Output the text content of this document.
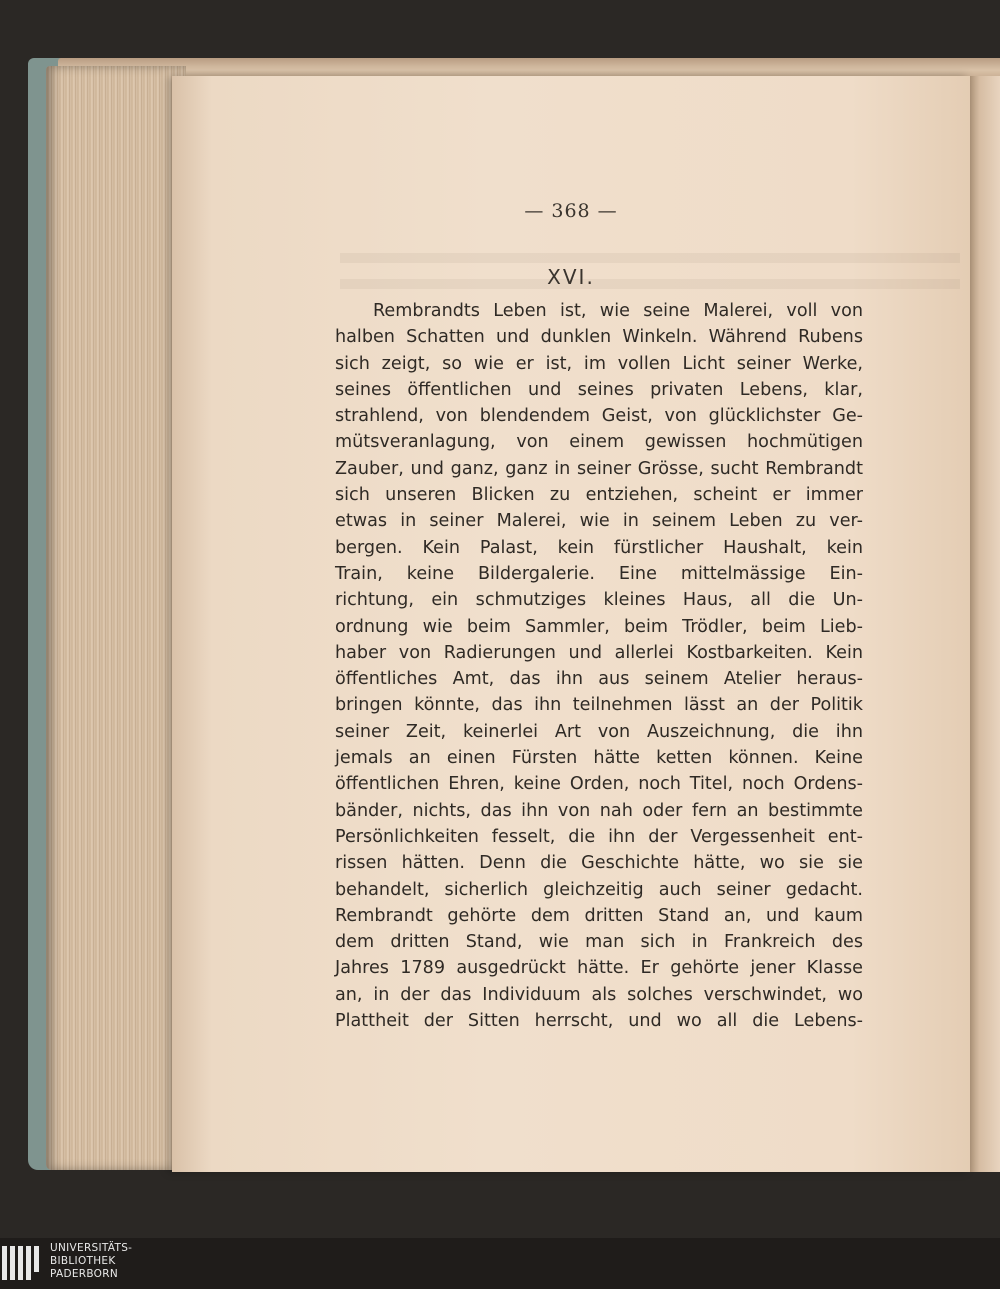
— 368 —

XVI.
Rembrandts Leben ist, wie seine Malerei, voll von
halben Schatten und dunklen Winkeln. Während Rubens
sich zeigt, so wie er ist, im vollen Licht seiner Werke,
seines öffentlichen und seines privaten Lebens, klar,
strahlend, von blendendem Geist, von glücklichster Ge-
mütsveranlagung, von einem gewissen hochmütigen
Zauber, und ganz, ganz in seiner Grösse, sucht Rembrandt
sich unseren Blicken zu entziehen, scheint er immer
etwas in seiner Malerei, wie in seinem Leben zu ver-
bergen. Kein Palast, kein fürstlicher Haushalt, kein
Train, keine Bildergalerie. Eine mittelmässige Ein-
richtung, ein schmutziges kleines Haus, all die Un-
ordnung wie beim Sammler, beim Trödler, beim Lieb-
haber von Radierungen und allerlei Kostbarkeiten. Kein
öffentliches Amt, das ihn aus seinem Atelier heraus-
bringen könnte, das ihn teilnehmen lässt an der Politik
seiner Zeit, keinerlei Art von Auszeichnung, die ihn
jemals an einen Fürsten hätte ketten können. Keine
öffentlichen Ehren, keine Orden, noch Titel, noch Ordens-
bänder, nichts, das ihn von nah oder fern an bestimmte
Persönlichkeiten fesselt, die ihn der Vergessenheit ent-
rissen hätten. Denn die Geschichte hätte, wo sie sie
behandelt, sicherlich gleichzeitig auch seiner gedacht.
Rembrandt gehörte dem dritten Stand an, und kaum
dem dritten Stand, wie man sich in Frankreich des
Jahres 1789 ausgedrückt hätte. Er gehörte jener Klasse
an, in der das Individuum als solches verschwindet, wo
Plattheit der Sitten herrscht, und wo all die Lebens-
UNIVERSITÄTS-
BIBLIOTHEK
PADERBORN
